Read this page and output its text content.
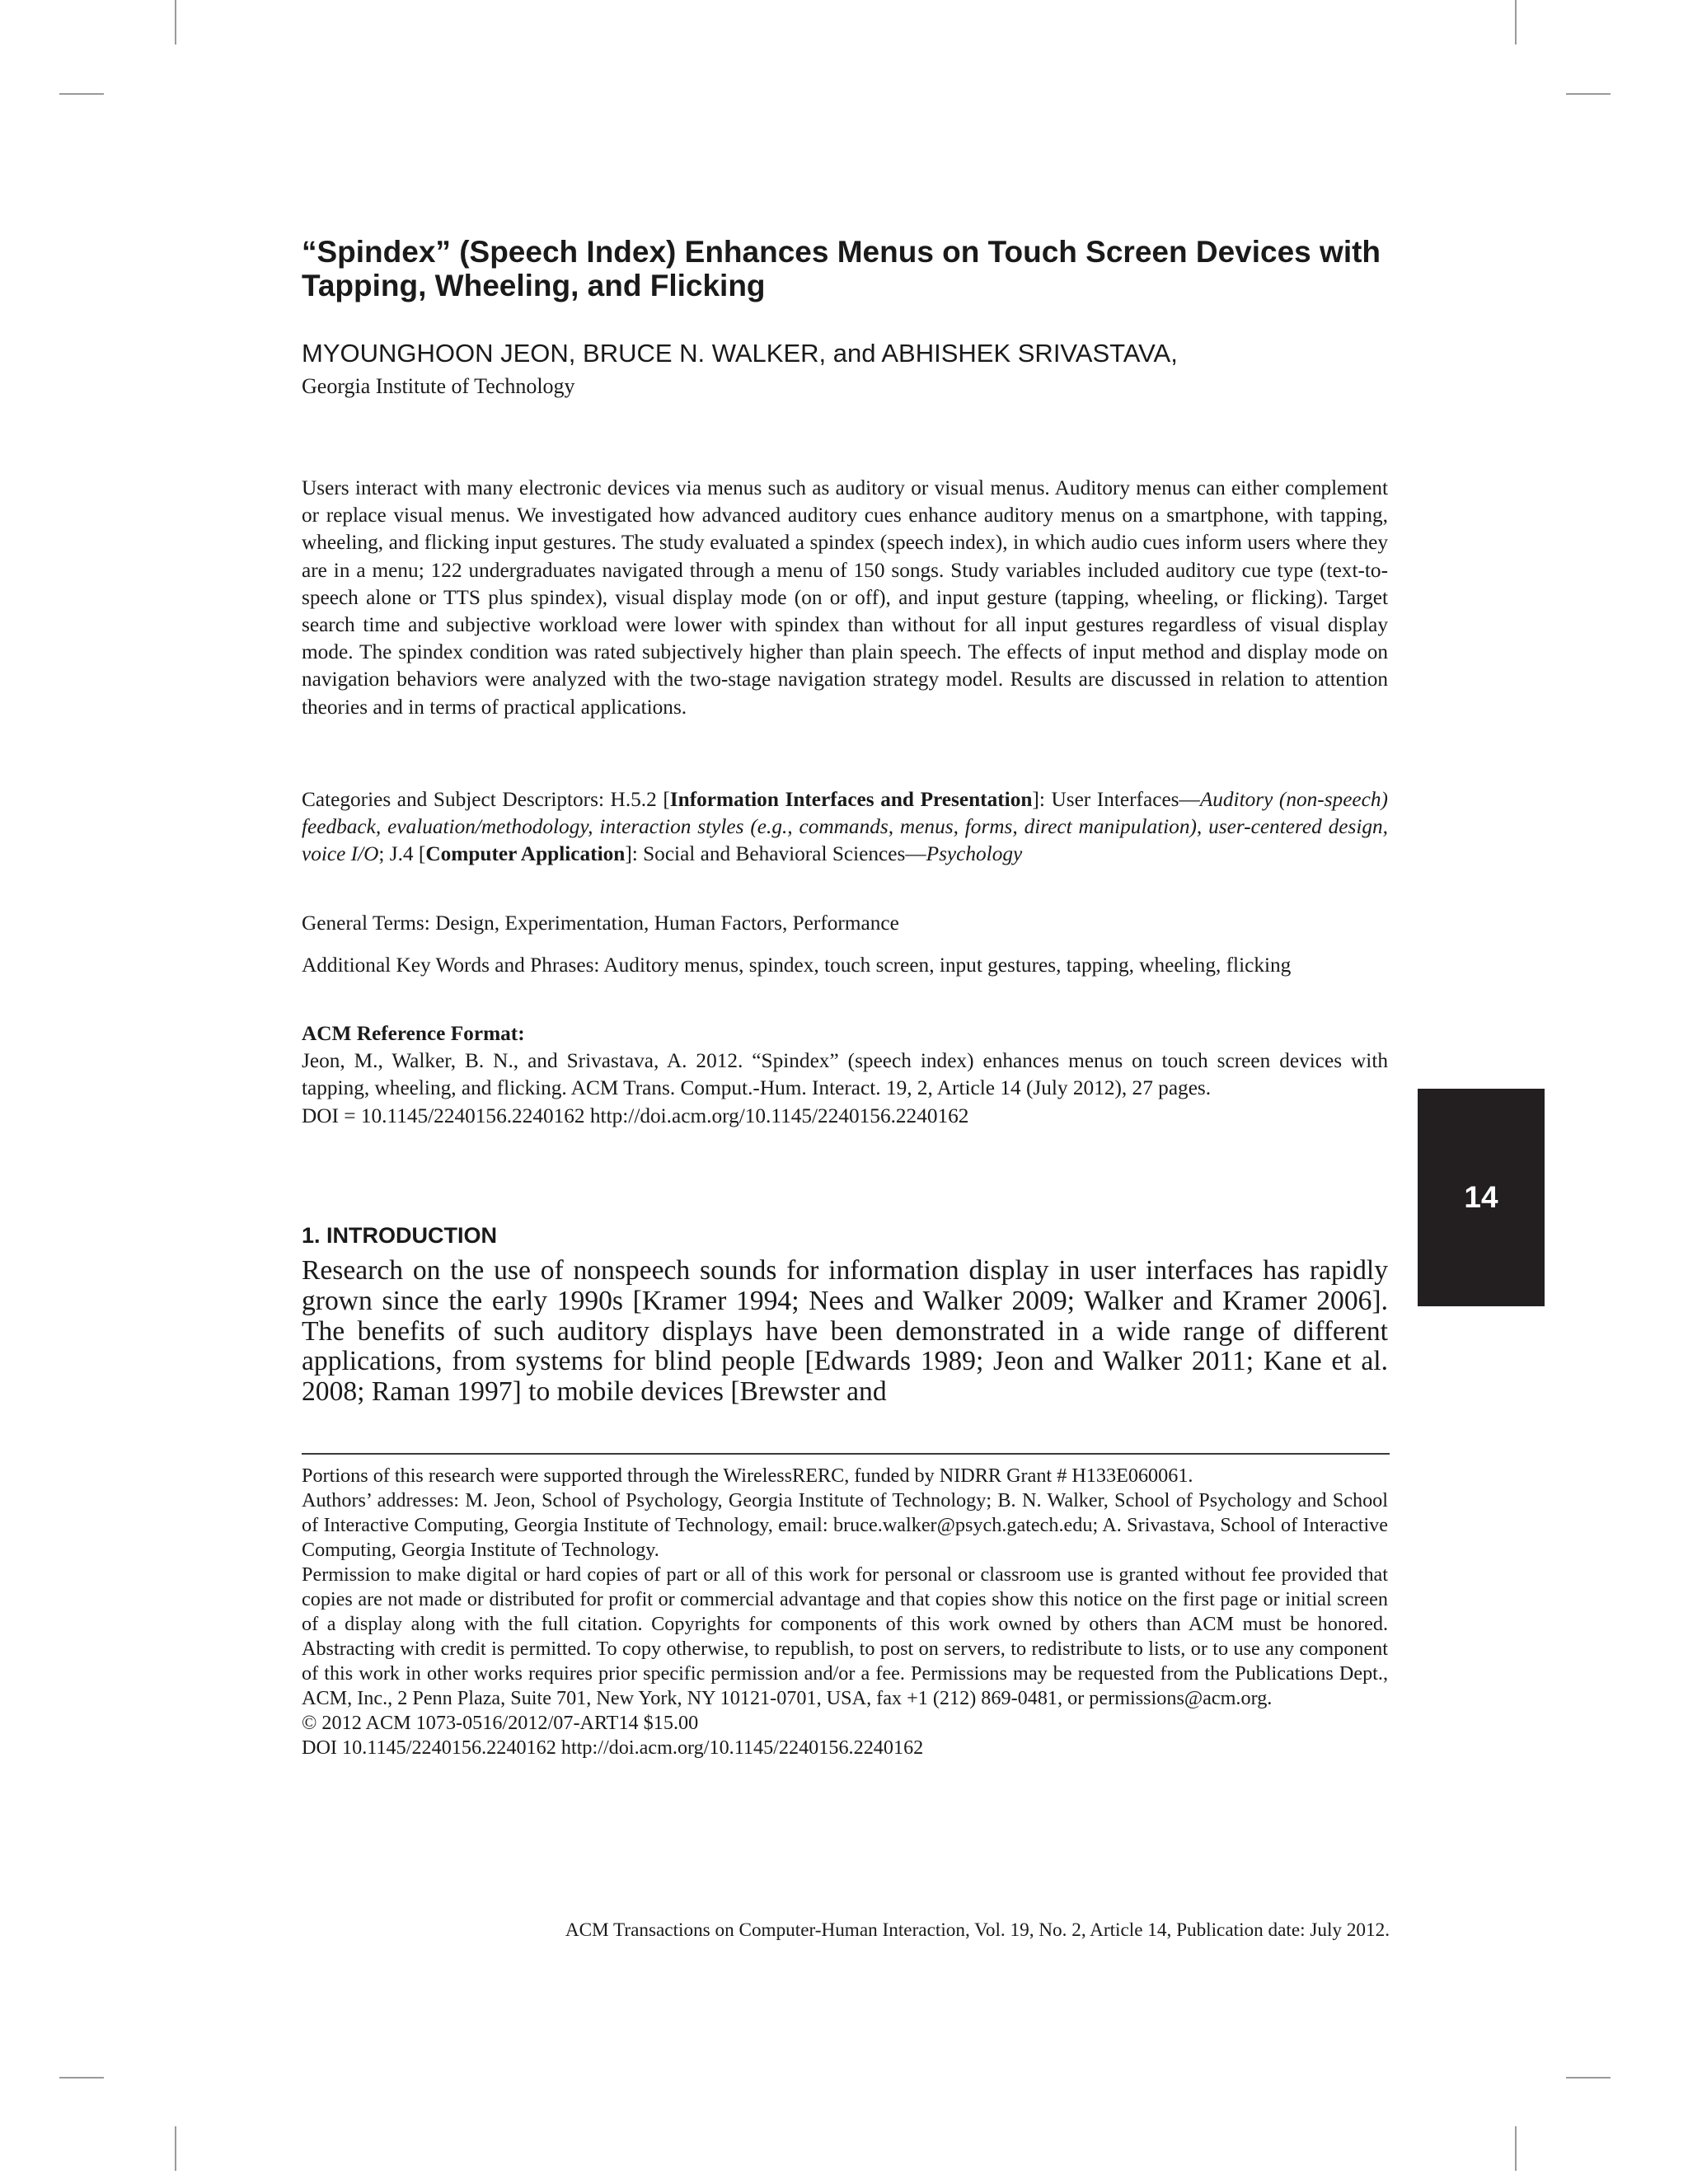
“Spindex” (Speech Index) Enhances Menus on Touch Screen Devices with Tapping, Wheeling, and Flicking

MYOUNGHOON JEON, BRUCE N. WALKER, and ABHISHEK SRIVASTAVA,

Georgia Institute of Technology

Users interact with many electronic devices via menus such as auditory or visual menus. Auditory menus can either complement or replace visual menus. We investigated how advanced auditory cues enhance auditory menus on a smartphone, with tapping, wheeling, and flicking input gestures. The study evaluated a spindex (speech index), in which audio cues inform users where they are in a menu; 122 undergraduates navigated through a menu of 150 songs. Study variables included auditory cue type (text-to-speech alone or TTS plus spindex), visual display mode (on or off), and input gesture (tapping, wheeling, or flicking). Target search time and subjective workload were lower with spindex than without for all input gestures regardless of visual display mode. The spindex condition was rated subjectively higher than plain speech. The effects of input method and display mode on navigation behaviors were analyzed with the two-stage navigation strategy model. Results are discussed in relation to attention theories and in terms of practical applications.

Categories and Subject Descriptors: H.5.2 [Information Interfaces and Presentation]: User Interfaces—Auditory (non-speech) feedback, evaluation/methodology, interaction styles (e.g., commands, menus, forms, direct manipulation), user-centered design, voice I/O; J.4 [Computer Application]: Social and Behavioral Sciences—Psychology

General Terms: Design, Experimentation, Human Factors, Performance

Additional Key Words and Phrases: Auditory menus, spindex, touch screen, input gestures, tapping, wheeling, flicking

ACM Reference Format:
Jeon, M., Walker, B. N., and Srivastava, A. 2012. “Spindex” (speech index) enhances menus on touch screen devices with tapping, wheeling, and flicking. ACM Trans. Comput.-Hum. Interact. 19, 2, Article 14 (July 2012), 27 pages.
DOI = 10.1145/2240156.2240162 http://doi.acm.org/10.1145/2240156.2240162
14
1. INTRODUCTION

Research on the use of nonspeech sounds for information display in user interfaces has rapidly grown since the early 1990s [Kramer 1994; Nees and Walker 2009; Walker and Kramer 2006]. The benefits of such auditory displays have been demonstrated in a wide range of different applications, from systems for blind people [Edwards 1989; Jeon and Walker 2011; Kane et al. 2008; Raman 1997] to mobile devices [Brewster and

Portions of this research were supported through the WirelessRERC, funded by NIDRR Grant # H133E060061.

Authors’ addresses: M. Jeon, School of Psychology, Georgia Institute of Technology; B. N. Walker, School of Psychology and School of Interactive Computing, Georgia Institute of Technology, email: bruce.walker@psych.gatech.edu; A. Srivastava, School of Interactive Computing, Georgia Institute of Technology.

Permission to make digital or hard copies of part or all of this work for personal or classroom use is granted without fee provided that copies are not made or distributed for profit or commercial advantage and that copies show this notice on the first page or initial screen of a display along with the full citation. Copyrights for components of this work owned by others than ACM must be honored. Abstracting with credit is permitted. To copy otherwise, to republish, to post on servers, to redistribute to lists, or to use any component of this work in other works requires prior specific permission and/or a fee. Permissions may be requested from the Publications Dept., ACM, Inc., 2 Penn Plaza, Suite 701, New York, NY 10121-0701, USA, fax +1 (212) 869-0481, or permissions@acm.org.

© 2012 ACM 1073-0516/2012/07-ART14 $15.00

DOI 10.1145/2240156.2240162 http://doi.acm.org/10.1145/2240156.2240162

ACM Transactions on Computer-Human Interaction, Vol. 19, No. 2, Article 14, Publication date: July 2012.
